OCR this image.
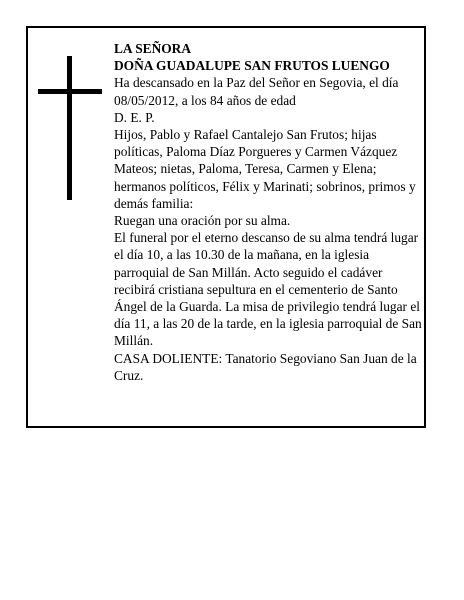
LA SEÑORA

DOÑA GUADALUPE SAN FRUTOS LUENGO

Ha descansado en la Paz del Señor en Segovia, el día 08/05/2012, a los 84 años de edad

D. E. P.

Hijos, Pablo y Rafael Cantalejo San Frutos; hijas políticas, Paloma Díaz Porgueres y Carmen Vázquez Mateos; nietas, Paloma, Teresa, Carmen y Elena; hermanos políticos, Félix y Marinati; sobrinos, primos y demás familia:

Ruegan una oración por su alma.

El funeral por el eterno descanso de su alma tendrá lugar el día 10, a las 10.30 de la mañana, en la iglesia parroquial de San Millán. Acto seguido el cadáver recibirá cristiana sepultura en el cementerio de Santo Ángel de la Guarda. La misa de privilegio tendrá lugar el día 11, a las 20 de la tarde, en la iglesia parroquial de San Millán.

CASA DOLIENTE: Tanatorio Segoviano San Juan de la Cruz.
